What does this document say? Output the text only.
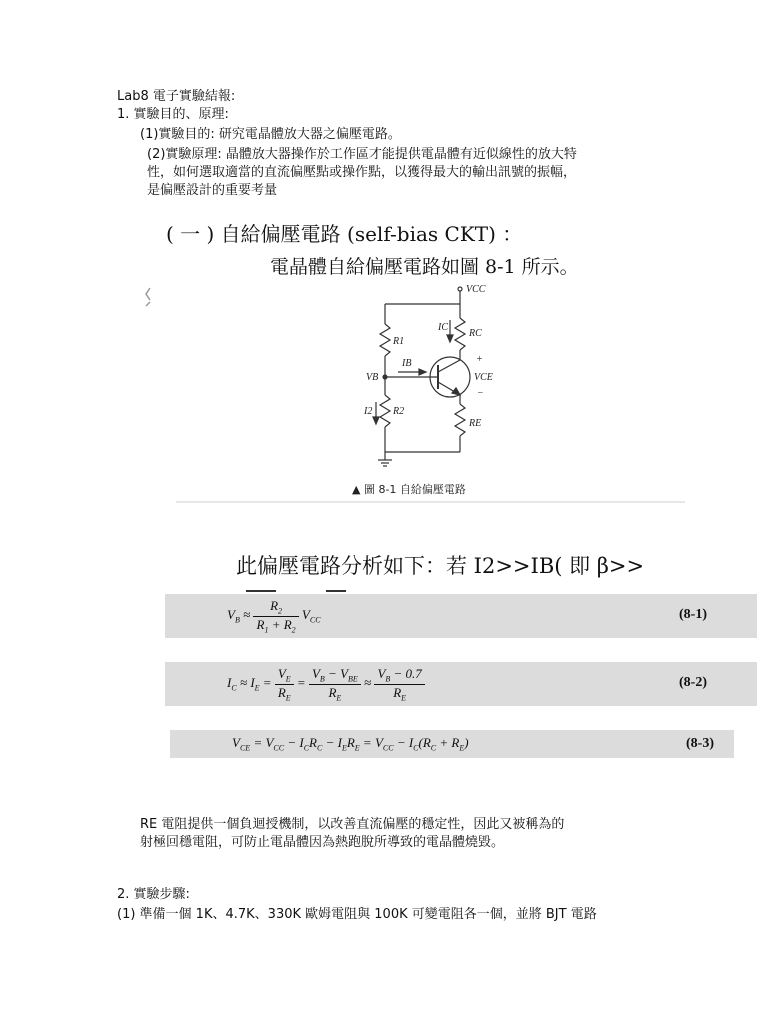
Lab8 電子實驗結報:
1. 實驗目的、原理:
(1)實驗目的: 研究電晶體放大器之偏壓電路。
(2)實驗原理: 晶體放大器操作於工作區才能提供電晶體有近似線性的放大特
性，如何選取適當的直流偏壓點或操作點，以獲得最大的輸出訊號的振幅，
是偏壓設計的重要考量
( 一 ) 自給偏壓電路 (self-bias CKT) ：
電晶體自給偏壓電路如圖 8-1 所示。
VCC
R1
IC
RC
IB
VB
+
VCE
−
I2 R2
RE
▲ 圖 8-1 自給偏壓電路
此偏壓電路分析如下：若 I2>>IB( 即 β>>
$V_B \approx \frac{R_2}{R_1 + R_2} V_{CC}$	(8-1)
$I_C \approx I_E = \frac{V_E}{R_E} = \frac{V_B - V_{BE}}{R_E} \approx \frac{V_B - 0.7}{R_E}$	(8-2)
$V_{CE} = V_{CC} - I_CR_C - I_ER_E = V_{CC} - I_C(R_C + R_E)$	(8-3)
RE 電阻提供一個負迴授機制，以改善直流偏壓的穩定性，因此又被稱為的
射極回穩電阻，可防止電晶體因為熱跑脫所導致的電晶體燒毀。
2. 實驗步驟:
(1) 準備一個 1K、4.7K、330K 歐姆電阻與 100K 可變電阻各一個，並將 BJT 電路
